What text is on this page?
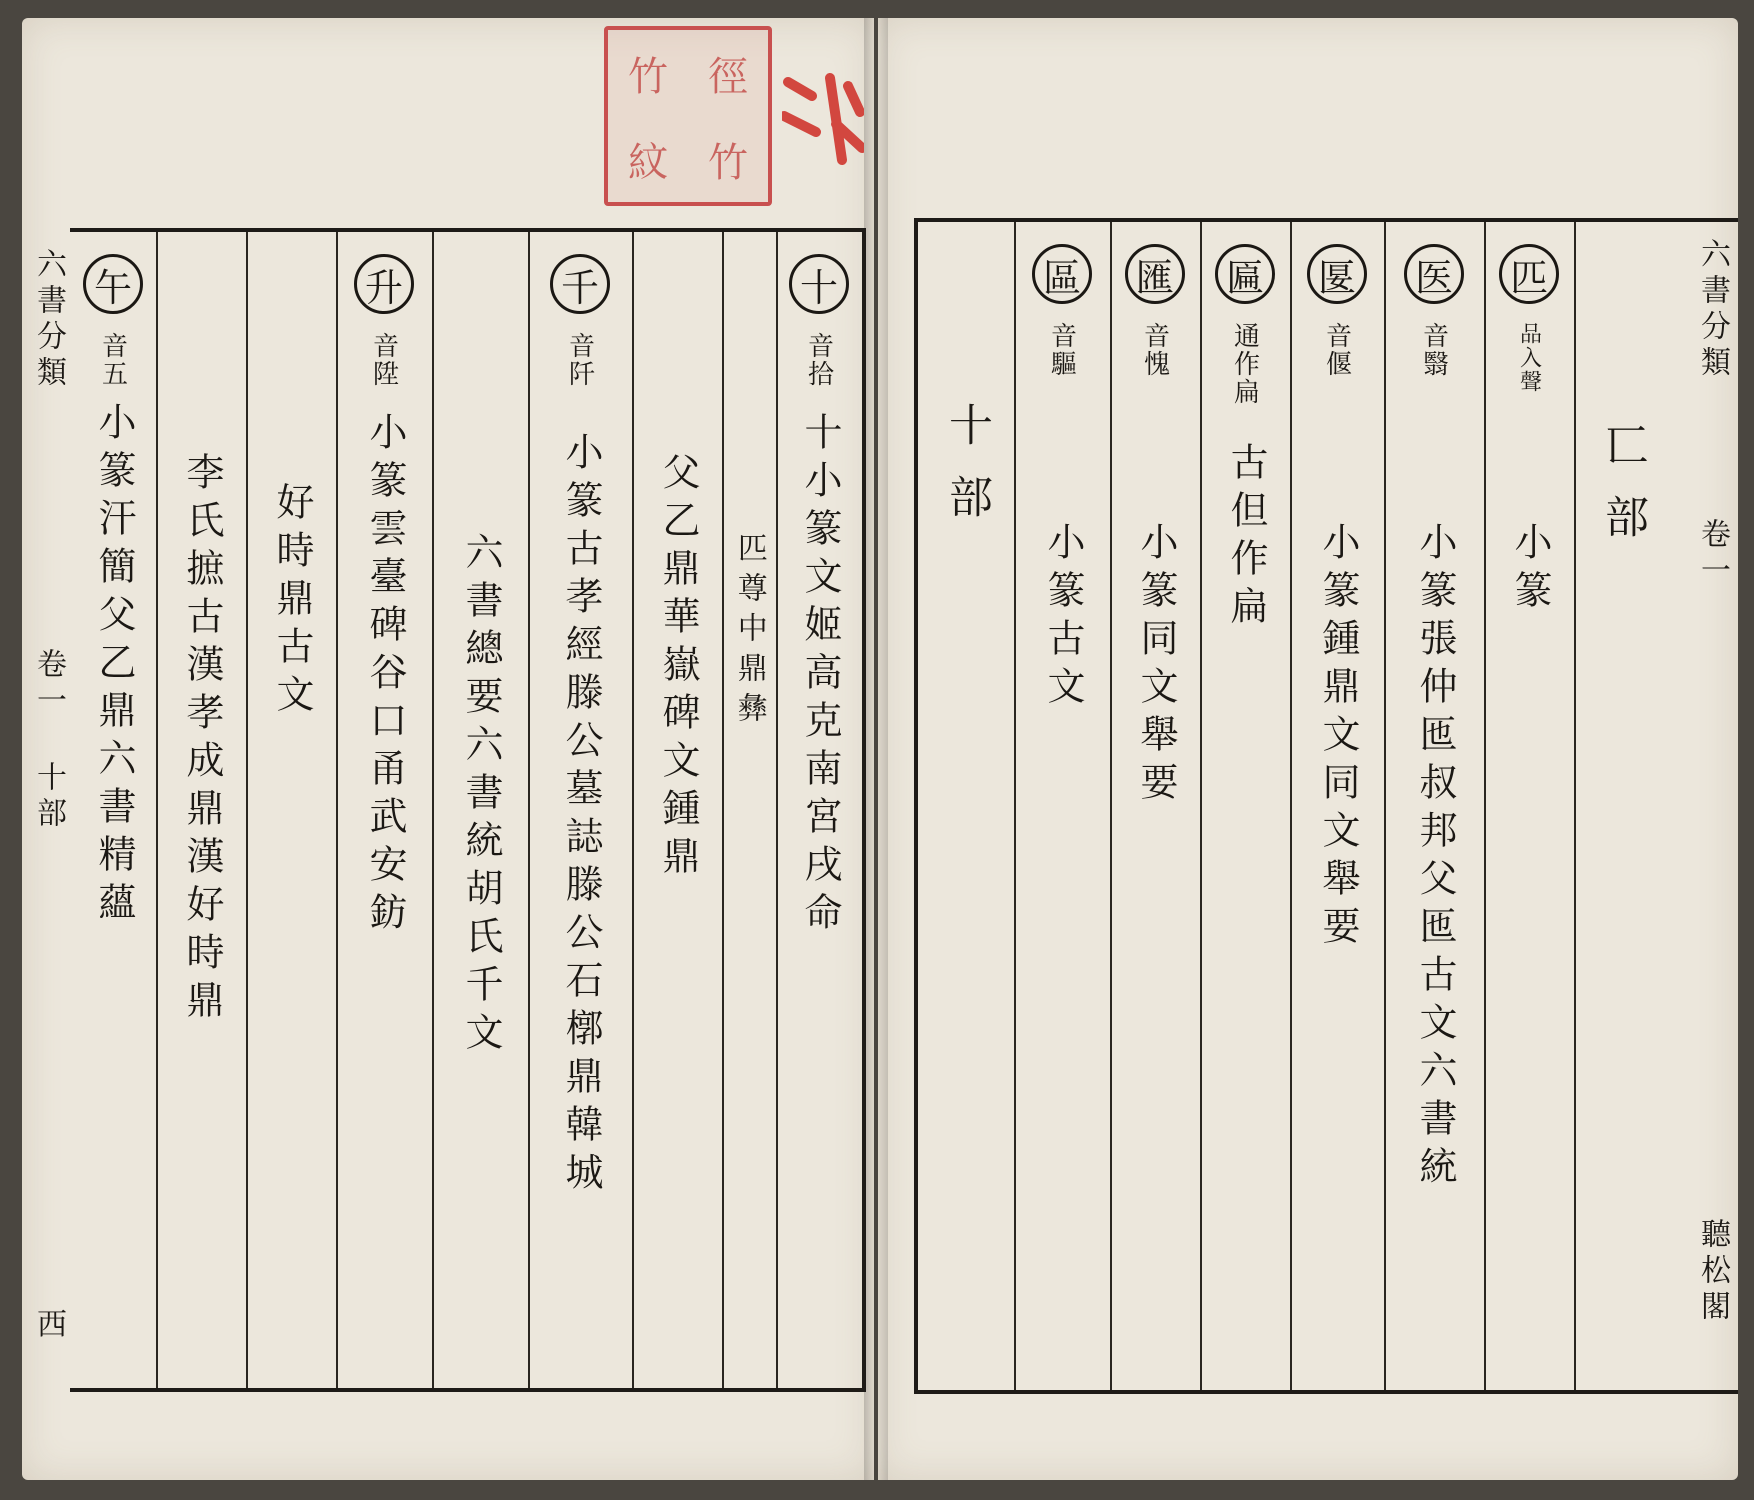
竹 徑
紋 竹
六書分類
卷一 十部
西
午
音五
小篆汗簡父乙鼎六書精蘊 李氏摭古漢孝成鼎漢好時鼎 好時鼎古文
升
音陞
小篆雲臺碑谷口甬武安鈁 六書總要六書統胡氏千文
千
音阡
小篆古孝經滕公墓誌滕公石槨鼎韓城 父乙鼎華嶽碑文鍾鼎 匹尊中鼎彝
十
音拾
十小篆文姬高克南宮戌命 十部
區
音驅
小篆古文
匯
音愧
小篆同文舉要
匾
通作扁
古但作扁
匽
音偃
小篆鍾鼎文同文舉要
医
音翳
小篆張仲匜叔邦父匜古文六書統
匹
品入聲
小篆
匸部
六書分類
卷一
聽松閣
